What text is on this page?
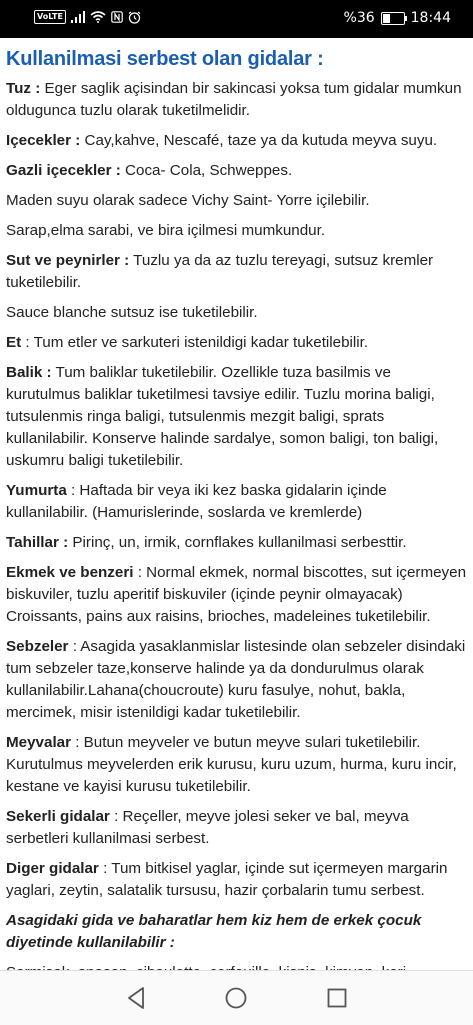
VoLTE	%36	18:44
Kullanilmasi serbest olan gidalar :
Tuz : Eger saglik açisindan bir sakincasi yoksa tum gidalar mumkun oldugunca tuzlu olarak tuketilmelidir.
Içecekler : Cay,kahve, Nescafé, taze ya da kutuda meyva suyu.
Gazli içecekler : Coca- Cola, Schweppes.
Maden suyu olarak sadece Vichy Saint- Yorre içilebilir.
Sarap,elma sarabi, ve bira içilmesi mumkundur.
Sut ve peynirler : Tuzlu ya da az tuzlu tereyagi, sutsuz kremler tuketilebilir.
Sauce blanche sutsuz ise tuketilebilir.
Et : Tum etler ve sarkuteri istenildigi kadar tuketilebilir.
Balik : Tum baliklar tuketilebilir. Ozellikle tuza basilmis ve kurutulmus baliklar tuketilmesi tavsiye edilir. Tuzlu morina baligi, tutsulenmis ringa baligi, tutsulenmis mezgit baligi, sprats kullanilabilir. Konserve halinde sardalye, somon baligi, ton baligi, uskumru baligi tuketilebilir.
Yumurta : Haftada bir veya iki kez baska gidalarin içinde kullanilabilir. (Hamurislerinde, soslarda ve kremlerde)
Tahillar : Pirinç, un, irmik, cornflakes kullanilmasi serbesttir.
Ekmek ve benzeri : Normal ekmek, normal biscottes, sut içermeyen biskuviler, tuzlu aperitif biskuviler (içinde peynir olmayacak) Croissants, pains aux raisins, brioches, madeleines tuketilebilir.
Sebzeler : Asagida yasaklanmislar listesinde olan sebzeler disindaki tum sebzeler taze,konserve halinde ya da dondurulmus olarak kullanilabilir.Lahana(choucroute) kuru fasulye, nohut, bakla, mercimek, misir istenildigi kadar tuketilebilir.
Meyvalar : Butun meyveler ve butun meyve sulari tuketilebilir. Kurutulmus meyvelerden erik kurusu, kuru uzum, hurma, kuru incir, kestane ve kayisi kurusu tuketilebilir.
Sekerli gidalar : Reçeller, meyve jolesi seker ve bal, meyva serbetleri kullanilmasi serbest.
Diger gidalar : Tum bitkisel yaglar, içinde sut içermeyen margarin yaglari, zeytin, salatalik tursusu, hazir çorbalarin tumu serbest.
Asagidaki gida ve baharatlar hem kiz hem de erkek çocuk diyetinde kullanilabilir :
